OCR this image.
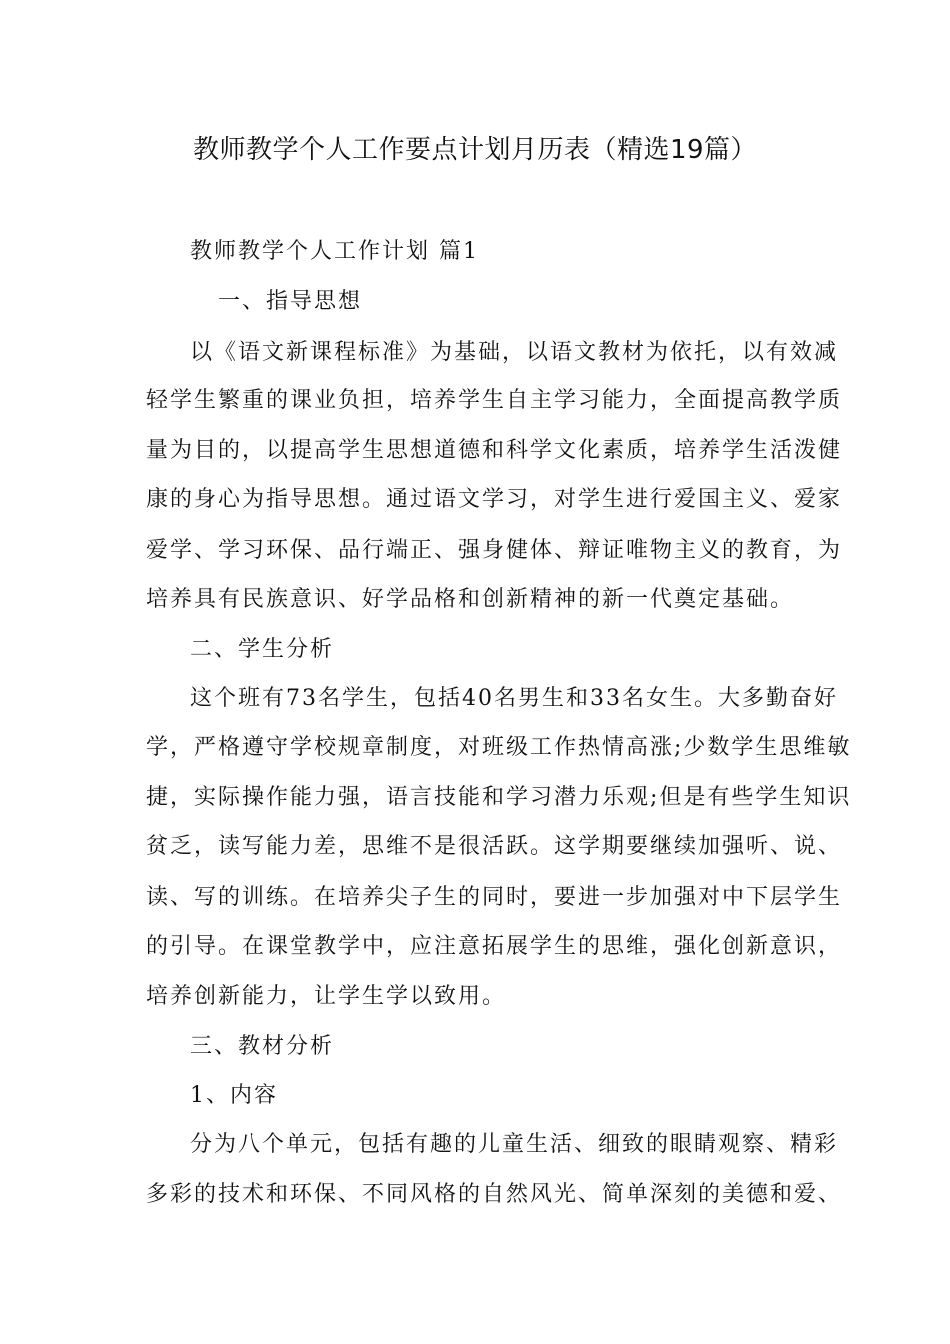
教师教学个人工作要点计划月历表（精选19篇）
教师教学个人工作计划 篇1
一、指导思想
以《语文新课程标准》为基础，以语文教材为依托，以有效减
轻学生繁重的课业负担，培养学生自主学习能力，全面提高教学质
量为目的，以提高学生思想道德和科学文化素质，培养学生活泼健
康的身心为指导思想。通过语文学习，对学生进行爱国主义、爱家
爱学、学习环保、品行端正、强身健体、辩证唯物主义的教育，为
培养具有民族意识、好学品格和创新精神的新一代奠定基础。
二、学生分析
这个班有73名学生，包括40名男生和33名女生。大多勤奋好
学，严格遵守学校规章制度，对班级工作热情高涨;少数学生思维敏
捷，实际操作能力强，语言技能和学习潜力乐观;但是有些学生知识
贫乏，读写能力差，思维不是很活跃。这学期要继续加强听、说、
读、写的训练。在培养尖子生的同时，要进一步加强对中下层学生
的引导。在课堂教学中，应注意拓展学生的思维，强化创新意识，
培养创新能力，让学生学以致用。
三、教材分析
1、内容
分为八个单元，包括有趣的儿童生活、细致的眼睛观察、精彩
多彩的技术和环保、不同风格的自然风光、简单深刻的美德和爱、
